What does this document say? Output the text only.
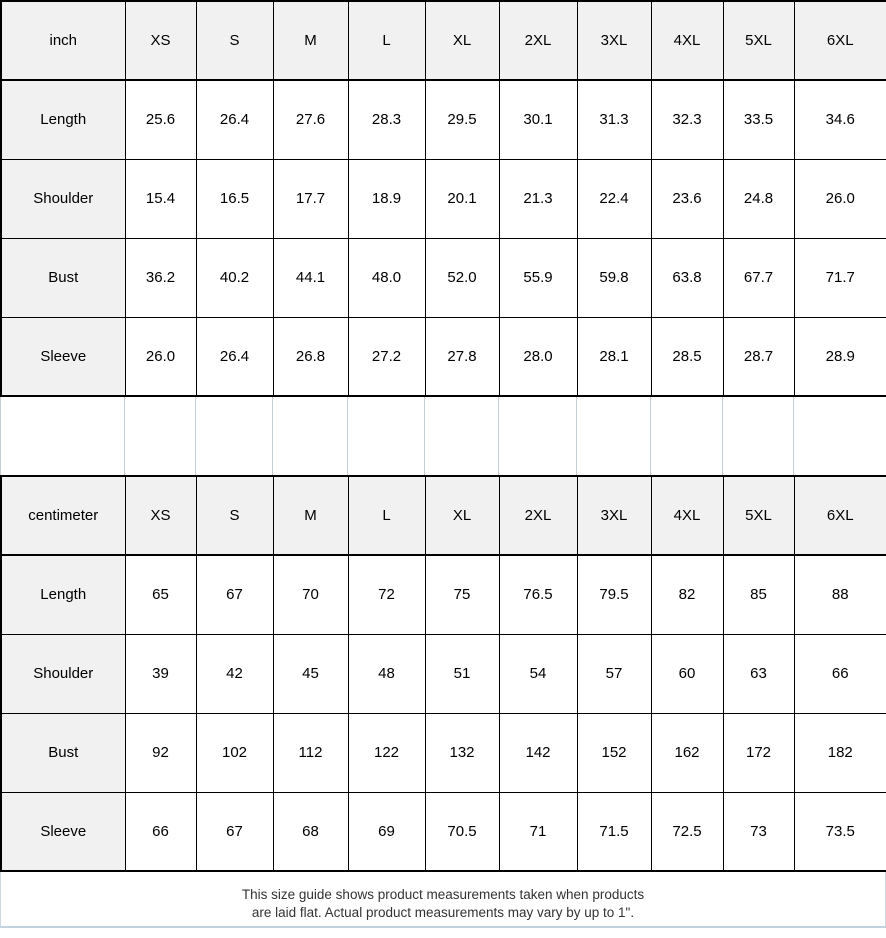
inch	XS	S	M	L	XL	2XL	3XL	4XL	5XL	6XL
Length	25.6	26.4	27.6	28.3	29.5	30.1	31.3	32.3	33.5	34.6
Shoulder	15.4	16.5	17.7	18.9	20.1	21.3	22.4	23.6	24.8	26.0
Bust	36.2	40.2	44.1	48.0	52.0	55.9	59.8	63.8	67.7	71.7
Sleeve	26.0	26.4	26.8	27.2	27.8	28.0	28.1	28.5	28.7	28.9

centimeter	XS	S	M	L	XL	2XL	3XL	4XL	5XL	6XL
Length	65	67	70	72	75	76.5	79.5	82	85	88
Shoulder	39	42	45	48	51	54	57	60	63	66
Bust	92	102	112	122	132	142	152	162	172	182
Sleeve	66	67	68	69	70.5	71	71.5	72.5	73	73.5
This size guide shows product measurements taken when products
are laid flat. Actual product measurements may vary by up to 1".
